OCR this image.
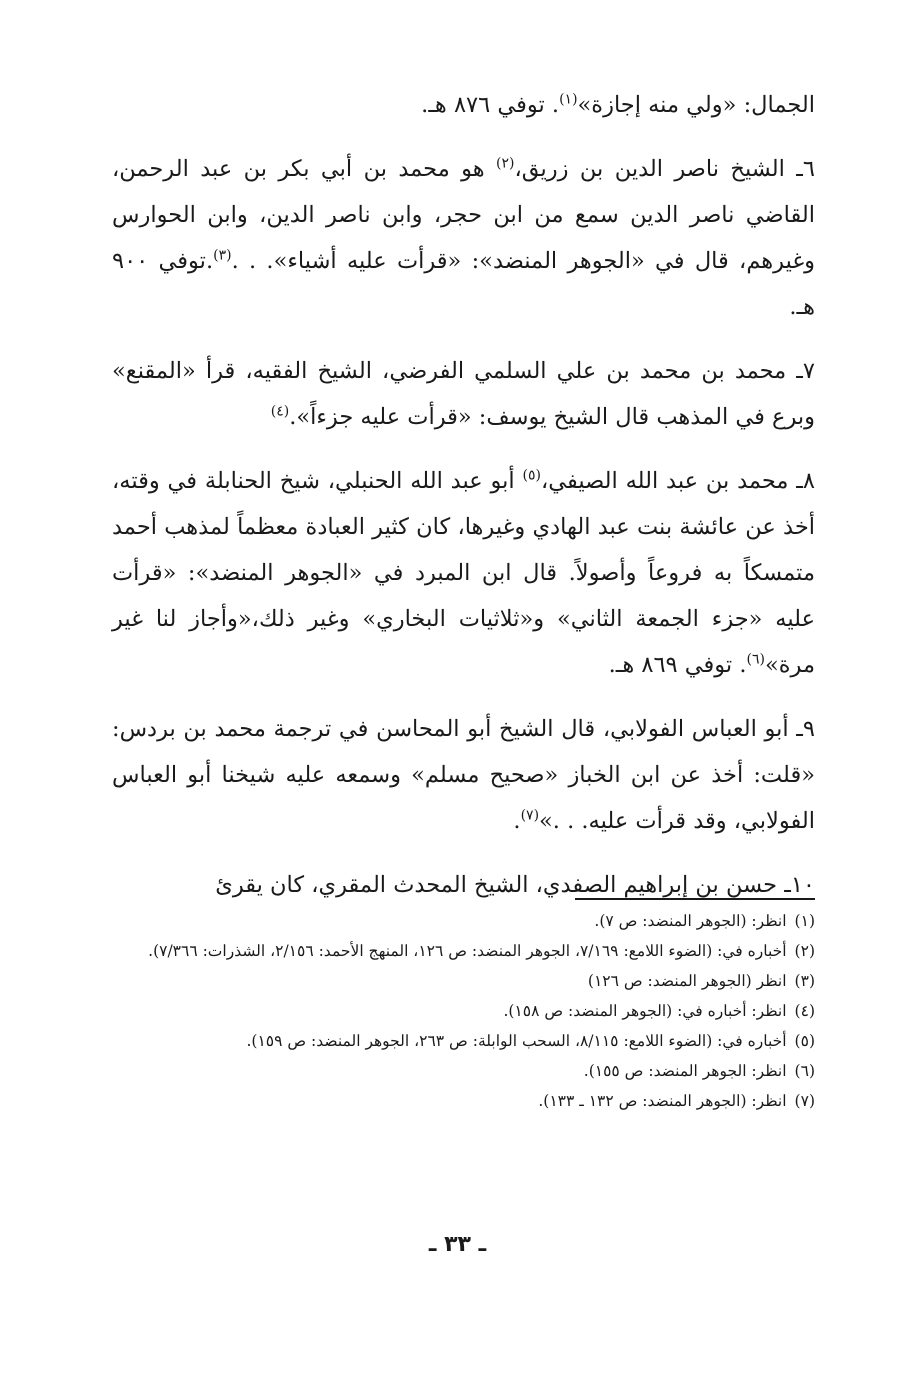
الجمال: «ولي منه إجازة»$^{(١)}$. توفي ٨٧٦ هـ.

٦ـ الشيخ ناصر الدين بن زريق،$^{(٢)}$ هو محمد بن أبي بكر بن عبد الرحمن، القاضي ناصر الدين سمع من ابن حجر، وابن ناصر الدين، وابن الحوارس وغيرهم، قال في «الجوهر المنضد»: «قرأت عليه أشياء». . .$^{(٣)}$.توفي ٩٠٠ هـ.

٧ـ محمد بن محمد بن علي السلمي الفرضي، الشيخ الفقيه، قرأ «المقنع» وبرع في المذهب قال الشيخ يوسف: «قرأت عليه جزءاً».$^{(٤)}$

٨ـ محمد بن عبد الله الصيفي،$^{(٥)}$ أبو عبد الله الحنبلي، شيخ الحنابلة في وقته، أخذ عن عائشة بنت عبد الهادي وغيرها، كان كثير العبادة معظماً لمذهب أحمد متمسكاً به فروعاً وأصولاً. قال ابن المبرد في «الجوهر المنضد»: «قرأت عليه «جزء الجمعة الثاني» و«ثلاثيات البخاري» وغير ذلك،«وأجاز لنا غير مرة»$^{(٦)}$. توفي ٨٦٩ هـ.

٩ـ أبو العباس الفولابي، قال الشيخ أبو المحاسن في ترجمة محمد بن بردس: «قلت: أخذ عن ابن الخباز «صحيح مسلم» وسمعه عليه شيخنا أبو العباس الفولابي، وقد قرأت عليه. . .»$^{(٧)}$.

١٠ـ حسن بن إبراهيم الصفدي، الشيخ المحدث المقري، كان يقرئ

(١)
انظر: (الجوهر المنضد: ص ٧).
(٢)
أخباره في: (الضوء اللامع: ٧/١٦٩، الجوهر المنضد: ص ١٢٦، المنهج الأحمد: ٢/١٥٦، الشذرات: ٧/٣٦٦).
(٣)
انظر (الجوهر المنضد: ص ١٢٦)
(٤)
انظر: أخباره في: (الجوهر المنضد: ص ١٥٨).
(٥)
أخباره في: (الضوء اللامع: ٨/١١٥، السحب الوابلة: ص ٢٦٣، الجوهر المنضد: ص ١٥٩).
(٦)
انظر: الجوهر المنضد: ص ١٥٥).
(٧)
انظر: (الجوهر المنضد: ص ١٣٢ ـ ١٣٣).
ـ ٣٣ ـ
